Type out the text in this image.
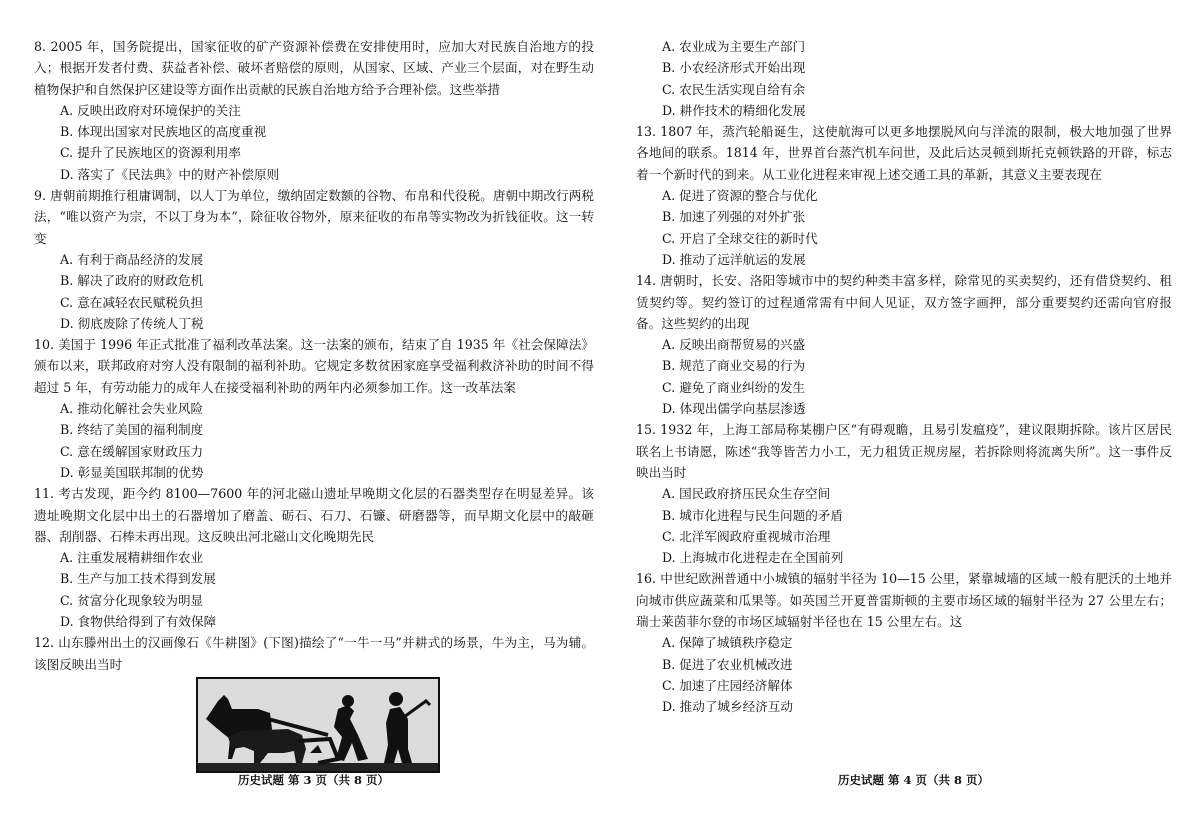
8. 2005 年，国务院提出，国家征收的矿产资源补偿费在安排使用时，应加大对民族自治地方的投入；根据开发者付费、获益者补偿、破坏者赔偿的原则，从国家、区域、产业三个层面，对在野生动植物保护和自然保护区建设等方面作出贡献的民族自治地方给予合理补偿。这些举措

A. 反映出政府对环境保护的关注

B. 体现出国家对民族地区的高度重视

C. 提升了民族地区的资源利用率

D. 落实了《民法典》中的财产补偿原则

9. 唐朝前期推行租庸调制，以人丁为单位，缴纳固定数额的谷物、布帛和代役税。唐朝中期改行两税法，“唯以资产为宗，不以丁身为本”，除征收谷物外，原来征收的布帛等实物改为折钱征收。这一转变

A. 有利于商品经济的发展

B. 解决了政府的财政危机

C. 意在减轻农民赋税负担

D. 彻底废除了传统人丁税

10. 美国于 1996 年正式批准了福利改革法案。这一法案的颁布，结束了自 1935 年《社会保障法》颁布以来，联邦政府对穷人没有限制的福利补助。它规定多数贫困家庭享受福利救济补助的时间不得超过 5 年，有劳动能力的成年人在接受福利补助的两年内必须参加工作。这一改革法案

A. 推动化解社会失业风险

B. 终结了美国的福利制度

C. 意在缓解国家财政压力

D. 彰显美国联邦制的优势

11. 考古发现，距今约 8100—7600 年的河北磁山遗址早晚期文化层的石器类型存在明显差异。该遗址晚期文化层中出土的石器增加了磨盖、砺石、石刀、石镰、研磨器等，而早期文化层中的敲砸器、刮削器、石棒未再出现。这反映出河北磁山文化晚期先民

A. 注重发展精耕细作农业

B. 生产与加工技术得到发展

C. 贫富分化现象较为明显

D. 食物供给得到了有效保障

12. 山东滕州出土的汉画像石《牛耕图》(下图)描绘了“一牛一马”并耕式的场景，牛为主，马为辅。该图反映出当时

A. 农业成为主要生产部门

B. 小农经济形式开始出现

C. 农民生活实现自给有余

D. 耕作技术的精细化发展

13. 1807 年，蒸汽轮船诞生，这使航海可以更多地摆脱风向与洋流的限制，极大地加强了世界各地间的联系。1814 年，世界首台蒸汽机车问世，及此后达灵顿到斯托克顿铁路的开辟，标志着一个新时代的到来。从工业化进程来审视上述交通工具的革新，其意义主要表现在

A. 促进了资源的整合与优化

B. 加速了列强的对外扩张

C. 开启了全球交往的新时代

D. 推动了远洋航运的发展

14. 唐朝时，长安、洛阳等城市中的契约种类丰富多样，除常见的买卖契约，还有借贷契约、租赁契约等。契约签订的过程通常需有中间人见证，双方签字画押，部分重要契约还需向官府报备。这些契约的出现

A. 反映出商帮贸易的兴盛

B. 规范了商业交易的行为

C. 避免了商业纠纷的发生

D. 体现出儒学向基层渗透

15. 1932 年，上海工部局称某棚户区“有碍观瞻，且易引发瘟疫”，建议限期拆除。该片区居民联名上书请愿，陈述“我等皆苦力小工，无力租赁正规房屋，若拆除则将流离失所”。这一事件反映出当时

A. 国民政府挤压民众生存空间

B. 城市化进程与民生问题的矛盾

C. 北洋军阀政府重视城市治理

D. 上海城市化进程走在全国前列

16. 中世纪欧洲普通中小城镇的辐射半径为 10—15 公里，紧靠城墙的区域一般有肥沃的土地并向城市供应蔬菜和瓜果等。如英国兰开夏普雷斯顿的主要市场区域的辐射半径为 27 公里左右；瑞士莱茵菲尔登的市场区域辐射半径也在 15 公里左右。这

A. 保障了城镇秩序稳定

B. 促进了农业机械改进

C. 加速了庄园经济解体

D. 推动了城乡经济互动

历史试题 第 3 页（共 8 页）	历史试题 第 4 页（共 8 页）
